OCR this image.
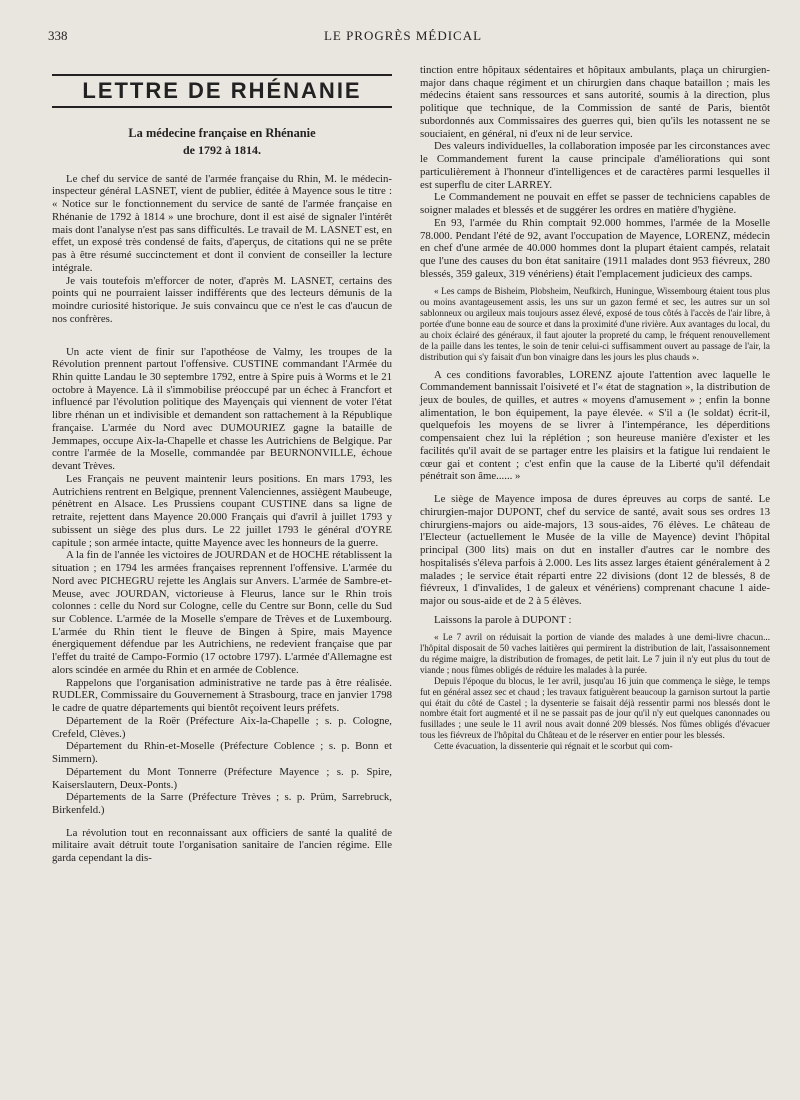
338	LE PROGRÈS MÉDICAL
LETTRE DE RHÉNANIE
La médecine française en Rhénanie
de 1792 à 1814.

Le chef du service de santé de l'armée française du Rhin, M. le médecin-inspecteur général LASNET, vient de publier, éditée à Mayence sous le titre : « Notice sur le fonctionnement du service de santé de l'armée française en Rhénanie de 1792 à 1814 » une brochure, dont il est aisé de signaler l'intérêt mais dont l'analyse n'est pas sans difficultés. Le travail de M. LASNET est, en effet, un exposé très condensé de faits, d'aperçus, de citations qui ne se prête pas à être résumé succinctement et dont il convient de conseiller la lecture intégrale.

Je vais toutefois m'efforcer de noter, d'après M. LASNET, certains des points qui ne pourraient laisser indifférents que des lecteurs démunis de la moindre curiosité historique. Je suis convaincu que ce n'est le cas d'aucun de nos confrères.

Un acte vient de finir sur l'apothéose de Valmy, les troupes de la Révolution prennent partout l'offensive. CUSTINE commandant l'Armée du Rhin quitte Landau le 30 septembre 1792, entre à Spire puis à Worms et le 21 octobre à Mayence. Là il s'immobilise préoccupé par un échec à Francfort et influencé par l'évolution politique des Mayençais qui viennent de voter l'état libre rhénan un et indivisible et demandent son rattachement à la République française. L'armée du Nord avec DUMOURIEZ gagne la bataille de Jemmapes, occupe Aix-la-Chapelle et chasse les Autrichiens de Belgique. Par contre l'armée de la Moselle, commandée par BEURNONVILLE, échoue devant Trèves.

Les Français ne peuvent maintenir leurs positions. En mars 1793, les Autrichiens rentrent en Belgique, prennent Valenciennes, assiègent Maubeuge, pénètrent en Alsace. Les Prussiens coupant CUSTINE dans sa ligne de retraite, rejettent dans Mayence 20.000 Français qui d'avril à juillet 1793 y subissent un siège des plus durs. Le 22 juillet 1793 le général d'OYRE capitule ; son armée intacte, quitte Mayence avec les honneurs de la guerre.

A la fin de l'année les victoires de JOURDAN et de HOCHE rétablissent la situation ; en 1794 les armées françaises reprennent l'offensive. L'armée du Nord avec PICHEGRU rejette les Anglais sur Anvers. L'armée de Sambre-et-Meuse, avec JOURDAN, victorieuse à Fleurus, lance sur le Rhin trois colonnes : celle du Nord sur Cologne, celle du Centre sur Bonn, celle du Sud sur Coblence. L'armée de la Moselle s'empare de Trèves et de Luxembourg. L'armée du Rhin tient le fleuve de Bingen à Spire, mais Mayence énergiquement défendue par les Autrichiens, ne redevient française que par l'effet du traité de Campo-Formio (17 octobre 1797). L'armée d'Allemagne est alors scindée en armée du Rhin et en armée de Coblence.

Rappelons que l'organisation administrative ne tarde pas à être réalisée. RUDLER, Commissaire du Gouvernement à Strasbourg, trace en janvier 1798 le cadre de quatre départements qui bientôt reçoivent leurs préfets.

Département de la Roër (Préfecture Aix-la-Chapelle ; s. p. Cologne, Crefeld, Clèves.)

Département du Rhin-et-Moselle (Préfecture Coblence ; s. p. Bonn et Simmern).

Département du Mont Tonnerre (Préfecture Mayence ; s. p. Spire, Kaiserslautern, Deux-Ponts.)

Départements de la Sarre (Préfecture Trèves ; s. p. Prüm, Sarrebruck, Birkenfeld.)

La révolution tout en reconnaissant aux officiers de santé la qualité de militaire avait détruit toute l'organisation sanitaire de l'ancien régime. Elle garda cependant la dis-

tinction entre hôpitaux sédentaires et hôpitaux ambulants, plaça un chirurgien-major dans chaque régiment et un chirurgien dans chaque bataillon ; mais les médecins étaient sans ressources et sans autorité, soumis à la direction, plus politique que technique, de la Commission de santé de Paris, bientôt subordonnés aux Commissaires des guerres qui, bien qu'ils les notassent ne se souciaient, en général, ni d'eux ni de leur service.

Des valeurs individuelles, la collaboration imposée par les circonstances avec le Commandement furent la cause principale d'améliorations qui sont particulièrement à l'honneur d'intelligences et de caractères parmi lesquelles il est superflu de citer LARREY.

Le Commandement ne pouvait en effet se passer de techniciens capables de soigner malades et blessés et de suggérer les ordres en matière d'hygiène.

En 93, l'armée du Rhin comptait 92.000 hommes, l'armée de la Moselle 78.000. Pendant l'été de 92, avant l'occupation de Mayence, LORENZ, médecin en chef d'une armée de 40.000 hommes dont la plupart étaient campés, relatait que l'une des causes du bon état sanitaire (1911 malades dont 953 fiévreux, 280 blessés, 359 galeux, 319 vénériens) était l'emplacement judicieux des camps.

« Les camps de Bisheim, Plobsheim, Neufkirch, Huningue, Wissembourg étaient tous plus ou moins avantageusement assis, les uns sur un gazon fermé et sec, les autres sur un sol sablonneux ou argileux mais toujours assez élevé, exposé de tous côtés à l'accès de l'air libre, à portée d'une bonne eau de source et dans la proximité d'une rivière. Aux avantages du local, du au choix éclairé des généraux, il faut ajouter la propreté du camp, le fréquent renouvellement de la paille dans les tentes, le soin de tenir celui-ci suffisamment ouvert au passage de l'air, la distribution qui s'y faisait d'un bon vinaigre dans les jours les plus chauds ».

A ces conditions favorables, LORENZ ajoute l'attention avec laquelle le Commandement bannissait l'oisiveté et l'« état de stagnation », la distribution de jeux de boules, de quilles, et autres « moyens d'amusement » ; enfin la bonne alimentation, le bon équipement, la paye élevée. « S'il a (le soldat) écrit-il, quelquefois les moyens de se livrer à l'intempérance, les déperditions compensaient chez lui la réplétion ; son heureuse manière d'exister et les facilités qu'il avait de se partager entre les plaisirs et la fatigue lui rendaient le cœur gai et content ; c'est enfin que la cause de la Liberté qu'il défendait pénétrait son âme...... »

Le siège de Mayence imposa de dures épreuves au corps de santé. Le chirurgien-major DUPONT, chef du service de santé, avait sous ses ordres 13 chirurgiens-majors ou aide-majors, 13 sous-aides, 76 élèves. Le château de l'Electeur (actuellement le Musée de la ville de Mayence) devint l'hôpital principal (300 lits) mais on dut en installer d'autres car le nombre des hospitalisés s'éleva parfois à 2.000. Les lits assez larges étaient généralement à 2 malades ; le service était réparti entre 22 divisions (dont 12 de blessés, 8 de fiévreux, 1 d'invalides, 1 de galeux et vénériens) comprenant chacune 1 aide-major ou sous-aide et de 2 à 5 élèves.

Laissons la parole à DUPONT :

« Le 7 avril on réduisait la portion de viande des malades à une demi-livre chacun... l'hôpital disposait de 50 vaches laitières qui permirent la distribution de lait, l'assaisonnement du régime maigre, la distribution de fromages, de petit lait. Le 7 juin il n'y eut plus du tout de viande ; nous fûmes obligés de réduire les malades à la purée.

Depuis l'époque du blocus, le 1er avril, jusqu'au 16 juin que commença le siège, le temps fut en général assez sec et chaud ; les travaux fatiguèrent beaucoup la garnison surtout la partie qui était du côté de Castel ; la dysenterie se faisait déjà ressentir parmi nos blessés dont le nombre était fort augmenté et il ne se passait pas de jour qu'il n'y eut quelques canonnades ou fusillades ; une seule le 11 avril nous avait donné 209 blessés. Nos fûmes obligés d'évacuer tous les fiévreux de l'hôpital du Château et de le réserver en entier pour les blessés.

Cette évacuation, la dissenterie qui régnait et le scorbut qui com-
